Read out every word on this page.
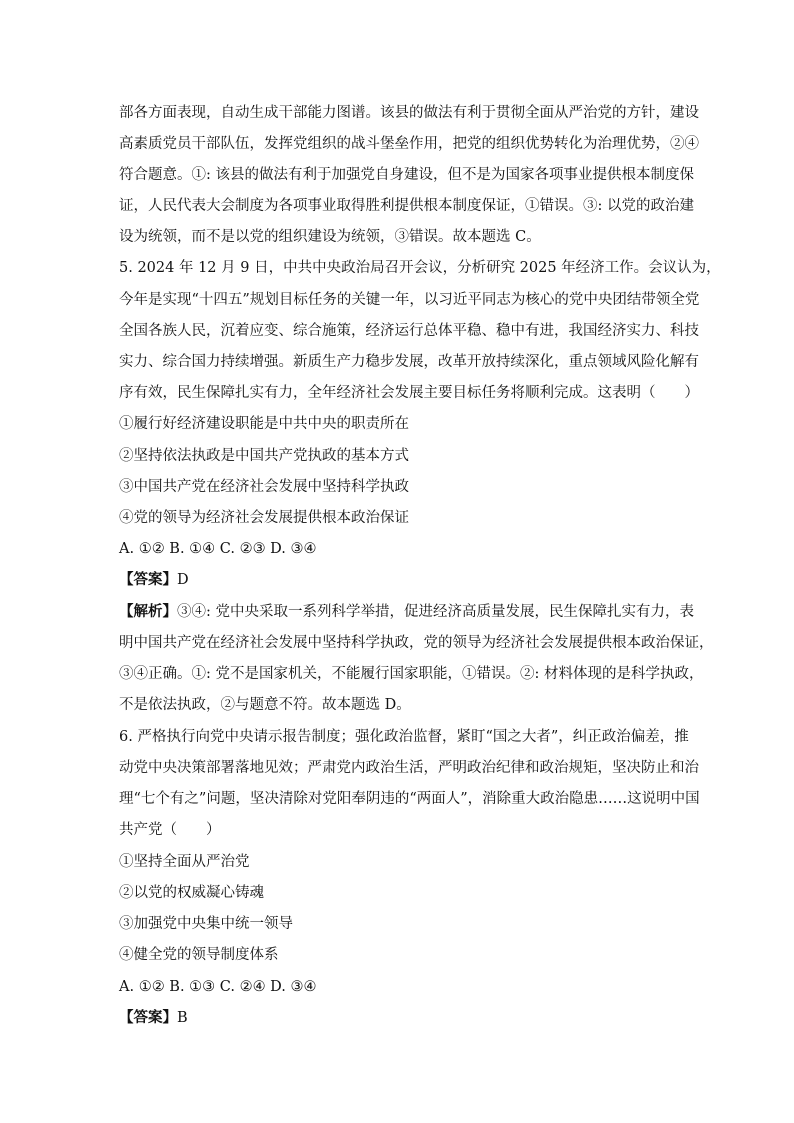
部各方面表现，自动生成干部能力图谱。该县的做法有利于贯彻全面从严治党的方针，建设
高素质党员干部队伍，发挥党组织的战斗堡垒作用，把党的组织优势转化为治理优势，②④
符合题意。①: 该县的做法有利于加强党自身建设，但不是为国家各项事业提供根本制度保
证，人民代表大会制度为各项事业取得胜利提供根本制度保证，①错误。③: 以党的政治建
设为统领，而不是以党的组织建设为统领，③错误。故本题选 C。
5. 2024 年 12 月 9 日，中共中央政治局召开会议，分析研究 2025 年经济工作。会议认为，
今年是实现“十四五”规划目标任务的关键一年，以习近平同志为核心的党中央团结带领全党
全国各族人民，沉着应变、综合施策，经济运行总体平稳、稳中有进，我国经济实力、科技
实力、综合国力持续增强。新质生产力稳步发展，改革开放持续深化，重点领域风险化解有
序有效，民生保障扎实有力，全年经济社会发展主要目标任务将顺利完成。这表明（　　）
①履行好经济建设职能是中共中央的职责所在
②坚持依法执政是中国共产党执政的基本方式
③中国共产党在经济社会发展中坚持科学执政
④党的领导为经济社会发展提供根本政治保证
A. ①② B. ①④ C. ②③ D. ③④
【答案】D
【解析】③④: 党中央采取一系列科学举措，促进经济高质量发展，民生保障扎实有力，表
明中国共产党在经济社会发展中坚持科学执政，党的领导为经济社会发展提供根本政治保证，
③④正确。①: 党不是国家机关，不能履行国家职能，①错误。②: 材料体现的是科学执政，
不是依法执政，②与题意不符。故本题选 D。
6. 严格执行向党中央请示报告制度；强化政治监督，紧盯“国之大者”，纠正政治偏差，推
动党中央决策部署落地见效；严肃党内政治生活，严明政治纪律和政治规矩，坚决防止和治
理“七个有之”问题，坚决清除对党阳奉阴违的“两面人”，消除重大政治隐患……这说明中国
共产党（　　）
①坚持全面从严治党
②以党的权威凝心铸魂
③加强党中央集中统一领导
④健全党的领导制度体系
A. ①② B. ①③ C. ②④ D. ③④
【答案】B
